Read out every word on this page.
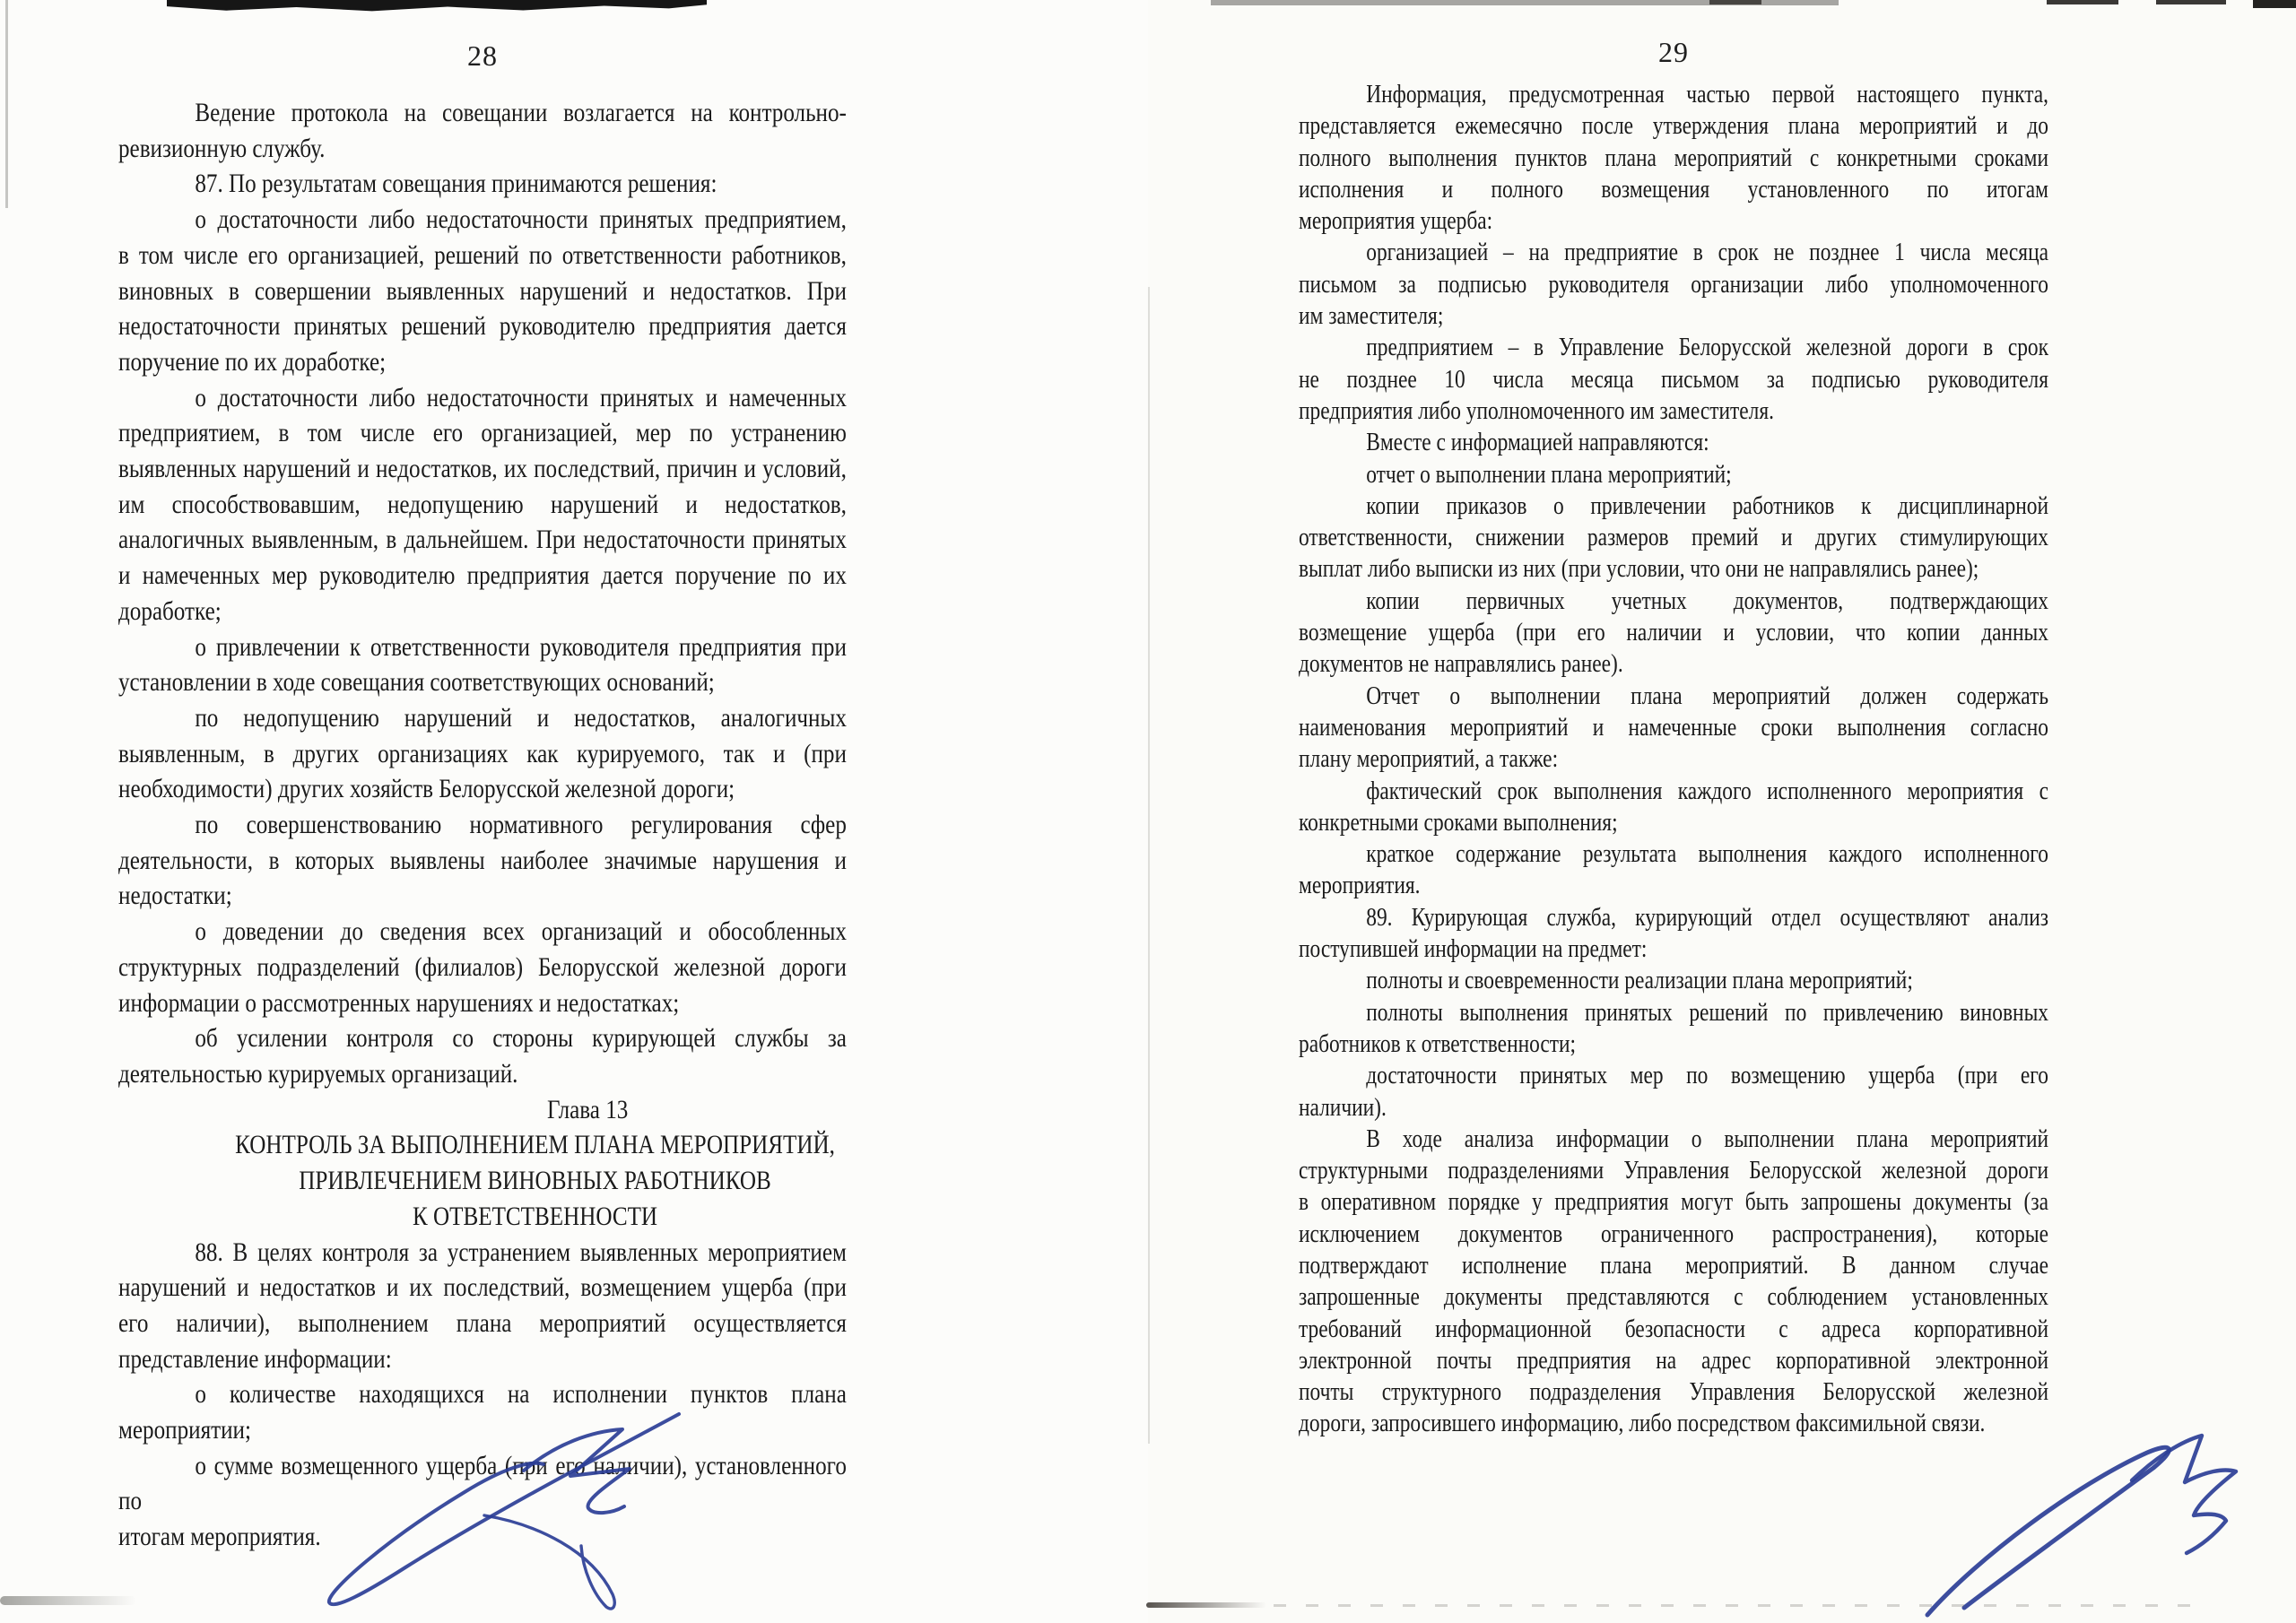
28
Ведение протокола на совещании возлагается на контрольно-
ревизионную службу.
87. По результатам совещания принимаются решения:
о достаточности либо недостаточности принятых предприятием,
в том числе его организацией, решений по ответственности работников,
виновных в совершении выявленных нарушений и недостатков. При
недостаточности принятых решений руководителю предприятия дается
поручение по их доработке;
о достаточности либо недостаточности принятых и намеченных
предприятием, в том числе его организацией, мер по устранению
выявленных нарушений и недостатков, их последствий, причин и условий,
им способствовавшим, недопущению нарушений и недостатков,
аналогичных выявленным, в дальнейшем. При недостаточности принятых
и намеченных мер руководителю предприятия дается поручение по их
доработке;
о привлечении к ответственности руководителя предприятия при
установлении в ходе совещания соответствующих оснований;
по недопущению нарушений и недостатков, аналогичных
выявленным, в других организациях как курируемого, так и (при
необходимости) других хозяйств Белорусской железной дороги;
по совершенствованию нормативного регулирования сфер
деятельности, в которых выявлены наиболее значимые нарушения и
недостатки;
о доведении до сведения всех организаций и обособленных
структурных подразделений (филиалов) Белорусской железной дороги
информации о рассмотренных нарушениях и недостатках;
об усилении контроля со стороны курирующей службы за
деятельностью курируемых организаций.
Глава 13
КОНТРОЛЬ ЗА ВЫПОЛНЕНИЕМ ПЛАНА МЕРОПРИЯТИЙ,
ПРИВЛЕЧЕНИЕМ ВИНОВНЫХ РАБОТНИКОВ
К ОТВЕТСТВЕННОСТИ
88. В целях контроля за устранением выявленных мероприятием
нарушений и недостатков и их последствий, возмещением ущерба (при
его наличии), выполнением плана мероприятий осуществляется
представление информации:
о количестве находящихся на исполнении пунктов плана
мероприятии;
о сумме возмещенного ущерба (при его наличии), установленного по
итогам мероприятия.
29
Информация, предусмотренная частью первой настоящего пункта,
представляется ежемесячно после утверждения плана мероприятий и до
полного выполнения пунктов плана мероприятий с конкретными сроками
исполнения и полного возмещения установленного по итогам
мероприятия ущерба:
организацией – на предприятие в срок не позднее 1 числа месяца
письмом за подписью руководителя организации либо уполномоченного
им заместителя;
предприятием – в Управление Белорусской железной дороги в срок
не позднее 10 числа месяца письмом за подписью руководителя
предприятия либо уполномоченного им заместителя.
Вместе с информацией направляются:
отчет о выполнении плана мероприятий;
копии приказов о привлечении работников к дисциплинарной
ответственности, снижении размеров премий и других стимулирующих
выплат либо выписки из них (при условии, что они не направлялись ранее);
копии первичных учетных документов, подтверждающих
возмещение ущерба (при его наличии и условии, что копии данных
документов не направлялись ранее).
Отчет о выполнении плана мероприятий должен содержать
наименования мероприятий и намеченные сроки выполнения согласно
плану мероприятий, а также:
фактический срок выполнения каждого исполненного мероприятия с
конкретными сроками выполнения;
краткое содержание результата выполнения каждого исполненного
мероприятия.
89. Курирующая служба, курирующий отдел осуществляют анализ
поступившей информации на предмет:
полноты и своевременности реализации плана мероприятий;
полноты выполнения принятых решений по привлечению виновных
работников к ответственности;
достаточности принятых мер по возмещению ущерба (при его
наличии).
В ходе анализа информации о выполнении плана мероприятий
структурными подразделениями Управления Белорусской железной дороги
в оперативном порядке у предприятия могут быть запрошены документы (за
исключением документов ограниченного распространения), которые
подтверждают исполнение плана мероприятий. В данном случае
запрошенные документы представляются с соблюдением установленных
требований информационной безопасности с адреса корпоративной
электронной почты предприятия на адрес корпоративной электронной
почты структурного подразделения Управления Белорусской железной
дороги, запросившего информацию, либо посредством факсимильной связи.
